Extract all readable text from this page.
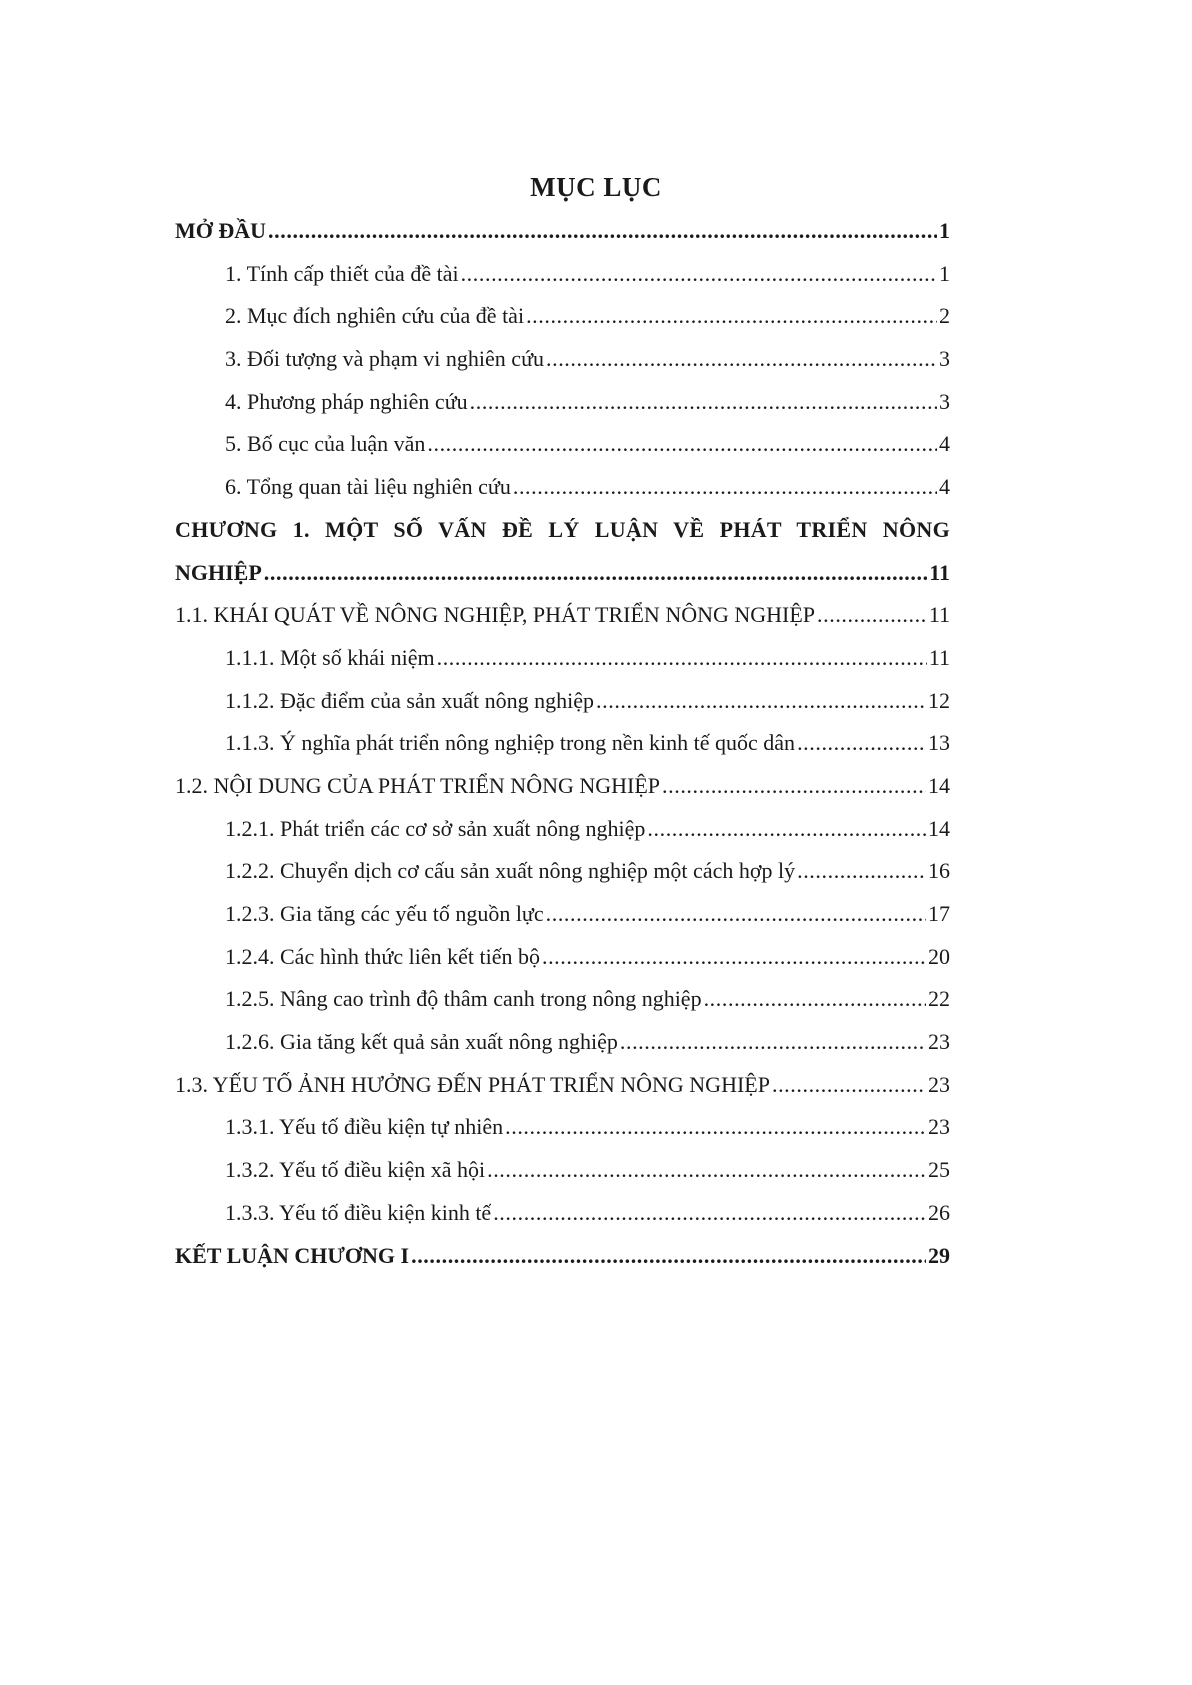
MỤC LỤC
MỞ ĐẦU .....	1
1. Tính cấp thiết của đề tài .....	1
2. Mục đích nghiên cứu của đề tài .....	2
3. Đối tượng và phạm vi nghiên cứu .....	3
4. Phương pháp nghiên cứu .....	3
5. Bố cục của luận văn .....	4
6. Tổng quan tài liệu nghiên cứu .....	4
CHƯƠNG 1. MỘT SỐ VẤN ĐỀ LÝ LUẬN VỀ PHÁT TRIỂN NÔNG
NGHIỆP .....	11
1.1. KHÁI QUÁT VỀ NÔNG NGHIỆP, PHÁT TRIỂN NÔNG NGHIỆP .....	11
1.1.1. Một số khái niệm .....	11
1.1.2. Đặc điểm của sản xuất nông nghiệp .....	12
1.1.3. Ý nghĩa phát triển nông nghiệp trong nền kinh tế quốc dân .....	13
1.2. NỘI DUNG CỦA PHÁT TRIỂN NÔNG NGHIỆP .....	14
1.2.1. Phát triển các cơ sở sản xuất nông nghiệp .....	14
1.2.2. Chuyển dịch cơ cấu sản xuất nông nghiệp một cách hợp lý .....	16
1.2.3. Gia tăng các yếu tố nguồn lực .....	17
1.2.4. Các hình thức liên kết tiến bộ .....	20
1.2.5. Nâng cao trình độ thâm canh trong nông nghiệp .....	22
1.2.6. Gia tăng kết quả sản xuất nông nghiệp .....	23
1.3. YẾU TỐ ẢNH HƯỞNG ĐẾN PHÁT TRIỂN NÔNG NGHIỆP .....	23
1.3.1. Yếu tố điều kiện tự nhiên .....	23
1.3.2. Yếu tố điều kiện xã hội .....	25
1.3.3. Yếu tố điều kiện kinh tế .....	26
KẾT LUẬN CHƯƠNG I .....	29
